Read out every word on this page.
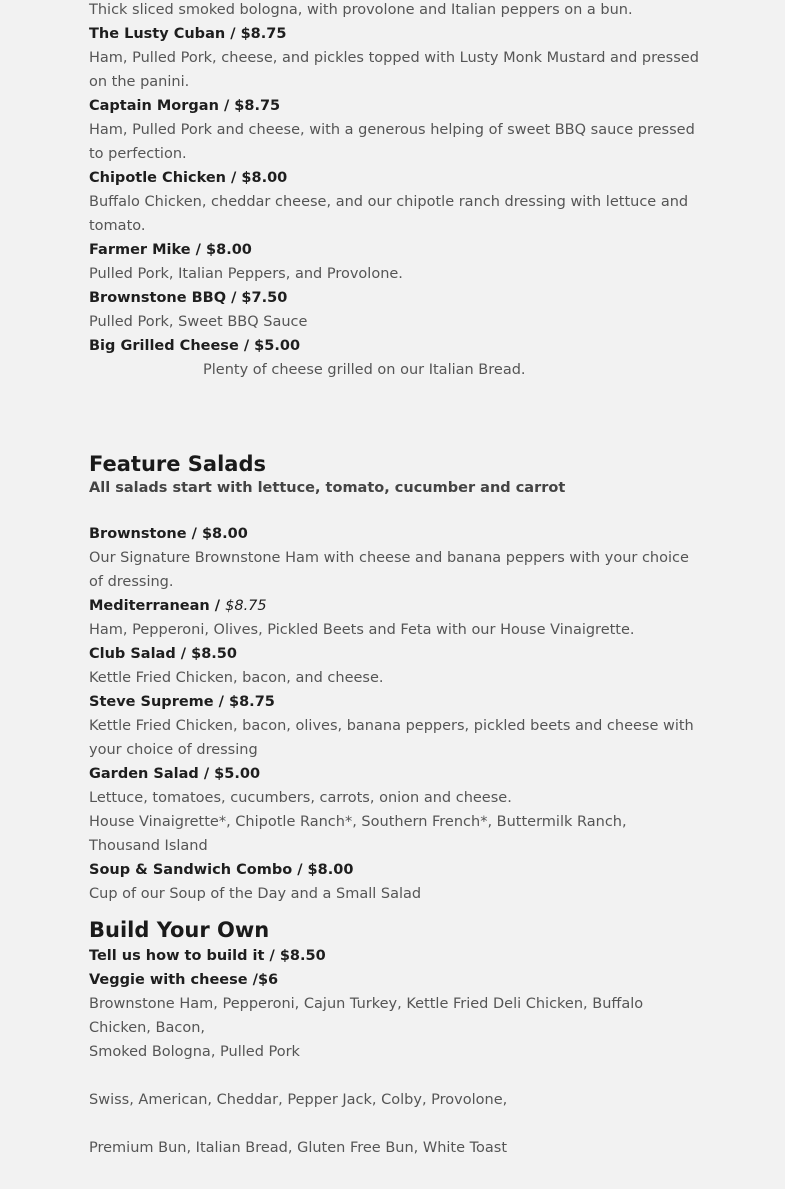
Thick sliced smoked bologna, with provolone and Italian peppers on a bun.

The Lusty Cuban / $8.75

Ham, Pulled Pork, cheese, and pickles topped with Lusty Monk Mustard and pressed on the panini.

Captain Morgan / $8.75

Ham, Pulled Pork and cheese, with a generous helping of sweet BBQ sauce pressed to perfection.

Chipotle Chicken / $8.00

Buffalo Chicken, cheddar cheese, and our chipotle ranch dressing with lettuce and tomato.

Farmer Mike / $8.00

Pulled Pork, Italian Peppers, and Provolone.

Brownstone BBQ / $7.50

Pulled Pork, Sweet BBQ Sauce

Big Grilled Cheese / $5.00

Plenty of cheese grilled on our Italian Bread.

Feature Salads

All salads start with lettuce, tomato, cucumber and carrot

Brownstone / $8.00

Our Signature Brownstone Ham with cheese and banana peppers with your choice of dressing.

Mediterranean / $8.75

Ham, Pepperoni, Olives, Pickled Beets and Feta with our House Vinaigrette.

Club Salad / $8.50

Kettle Fried Chicken, bacon, and cheese.

Steve Supreme / $8.75

Kettle Fried Chicken, bacon, olives, banana peppers, pickled beets and cheese with your choice of dressing

Garden Salad / $5.00

Lettuce, tomatoes, cucumbers, carrots, onion and cheese.

House Vinaigrette*, Chipotle Ranch*, Southern French*, Buttermilk Ranch, Thousand Island

Soup & Sandwich Combo / $8.00

Cup of our Soup of the Day and a Small Salad

Build Your Own

Tell us how to build it / $8.50

Veggie with cheese /$6

Brownstone Ham, Pepperoni, Cajun Turkey, Kettle Fried Deli Chicken, Buffalo Chicken, Bacon,

Smoked Bologna, Pulled Pork

Swiss, American, Cheddar, Pepper Jack, Colby, Provolone,

Premium Bun, Italian Bread, Gluten Free Bun, White Toast
